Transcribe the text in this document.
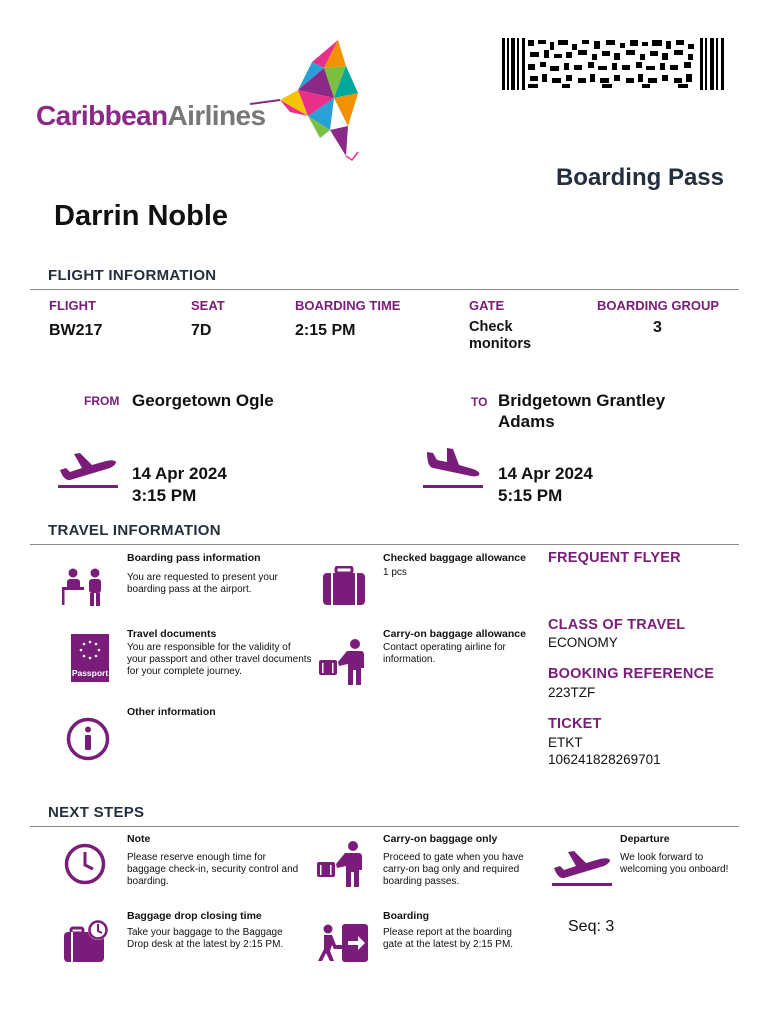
CaribbeanAirlines
Boarding Pass
Darrin Noble
FLIGHT INFORMATION
FLIGHT
BW217
SEAT
7D
BOARDING TIME
2:15 PM
GATE
Check monitors
BOARDING GROUP
3
FROM Georgetown Ogle	TO Bridgetown Grantley Adams
14 Apr 2024
3:15 PM
14 Apr 2024
5:15 PM
TRAVEL INFORMATION
Boarding pass information
You are requested to present your boarding pass at the airport.
Checked baggage allowance
1 pcs
Passport
Travel documents
You are responsible for the validity of your passport and other travel documents for your complete journey.
Carry-on baggage allowance
Contact operating airline for information.
Other information
FREQUENT FLYER
CLASS OF TRAVEL
ECONOMY
BOOKING REFERENCE
223TZF
TICKET
ETKT
106241828269701
NEXT STEPS
Note
Please reserve enough time for baggage check-in, security control and boarding.
Carry-on baggage only
Proceed to gate when you have carry-on bag only and required boarding passes.
Departure
We look forward to welcoming you onboard!
Baggage drop closing time
Take your baggage to the Baggage Drop desk at the latest by 2:15 PM.
Boarding
Please report at the boarding gate at the latest by 2:15 PM.
Seq: 3
